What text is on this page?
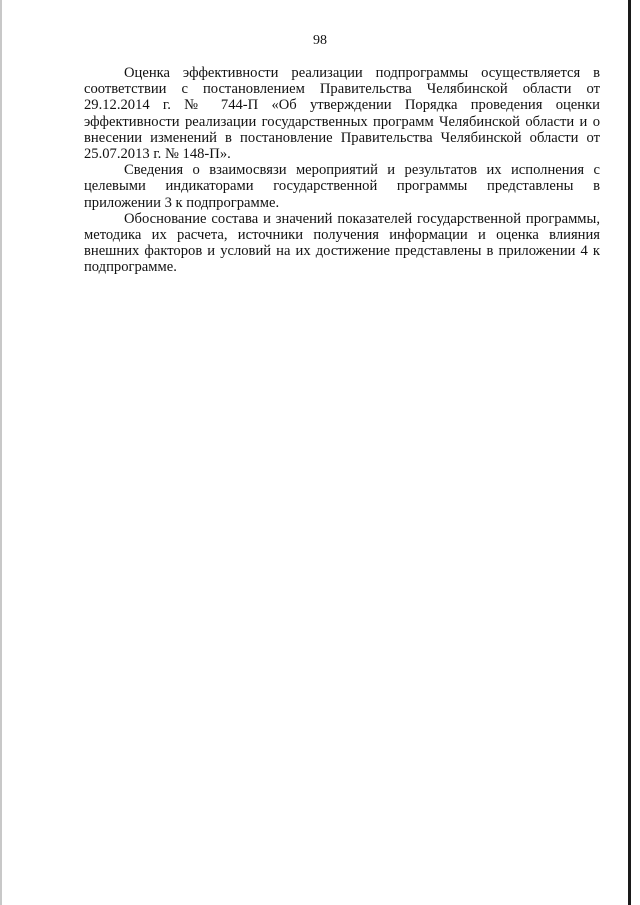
98

Оценка эффективности реализации подпрограммы осуществляется в соответствии с постановлением Правительства Челябинской области от 29.12.2014 г. № 744-П «Об утверждении Порядка проведения оценки эффективности реализации государственных программ Челябинской области и о внесении изменений в постановление Правительства Челябинской области от 25.07.2013 г. № 148-П».

Сведения о взаимосвязи мероприятий и результатов их исполнения с целевыми индикаторами государственной программы представлены в приложении 3 к подпрограмме.

Обоснование состава и значений показателей государственной программы, методика их расчета, источники получения информации и оценка влияния внешних факторов и условий на их достижение представлены в приложении 4 к подпрограмме.
